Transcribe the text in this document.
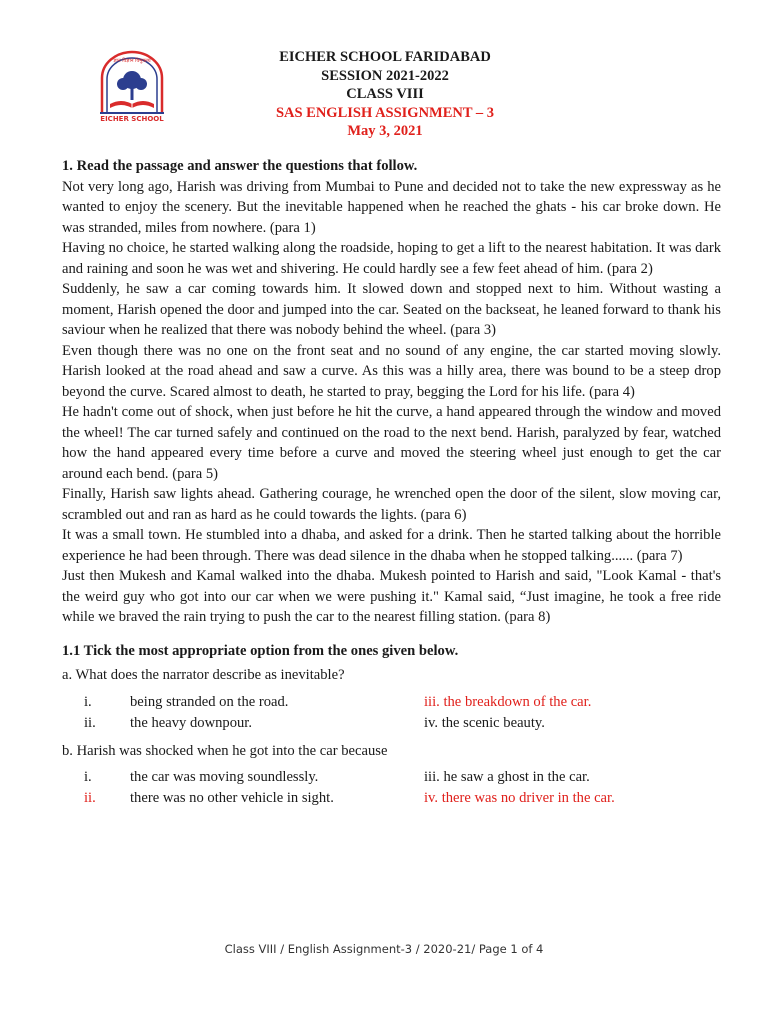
ज्ञान विज्ञान विमुक्तये
EICHER SCHOOL
EICHER SCHOOL FARIDABAD
SESSION 2021-2022
CLASS VIII
SAS ENGLISH ASSIGNMENT – 3
May 3, 2021

1. Read the passage and answer the questions that follow.

Not very long ago, Harish was driving from Mumbai to Pune and decided not to take the new expressway as he wanted to enjoy the scenery. But the inevitable happened when he reached the ghats - his car broke down. He was stranded, miles from nowhere. (para 1)

Having no choice, he started walking along the roadside, hoping to get a lift to the nearest habitation. It was dark and raining and soon he was wet and shivering. He could hardly see a few feet ahead of him. (para 2)

Suddenly, he saw a car coming towards him. It slowed down and stopped next to him. Without wasting a moment, Harish opened the door and jumped into the car. Seated on the backseat, he leaned forward to thank his saviour when he realized that there was nobody behind the wheel. (para 3)

Even though there was no one on the front seat and no sound of any engine, the car started moving slowly. Harish looked at the road ahead and saw a curve. As this was a hilly area, there was bound to be a steep drop beyond the curve. Scared almost to death, he started to pray, begging the Lord for his life. (para 4)

He hadn't come out of shock, when just before he hit the curve, a hand appeared through the window and moved the wheel! The car turned safely and continued on the road to the next bend. Harish, paralyzed by fear, watched how the hand appeared every time before a curve and moved the steering wheel just enough to get the car around each bend. (para 5)

Finally, Harish saw lights ahead. Gathering courage, he wrenched open the door of the silent, slow moving car, scrambled out and ran as hard as he could towards the lights. (para 6)

It was a small town. He stumbled into a dhaba, and asked for a drink. Then he started talking about the horrible experience he had been through. There was dead silence in the dhaba when he stopped talking...... (para 7)

Just then Mukesh and Kamal walked into the dhaba. Mukesh pointed to Harish and said, "Look Kamal - that's the weird guy who got into our car when we were pushing it." Kamal said, “Just imagine, he took a free ride while we braved the rain trying to push the car to the nearest filling station. (para 8)

1.1 Tick the most appropriate option from the ones given below.

a. What does the narrator describe as inevitable?

i.	being stranded on the road.	iii. the breakdown of the car.
ii. the heavy downpour.	iv. the scenic beauty.

b. Harish was shocked when he got into the car because

i.	the car was moving soundlessly.	iii. he saw a ghost in the car.
ii. there was no other vehicle in sight.	iv. there was no driver in the car.
Class VIII / English Assignment-3 / 2020-21/ Page 1 of 4
